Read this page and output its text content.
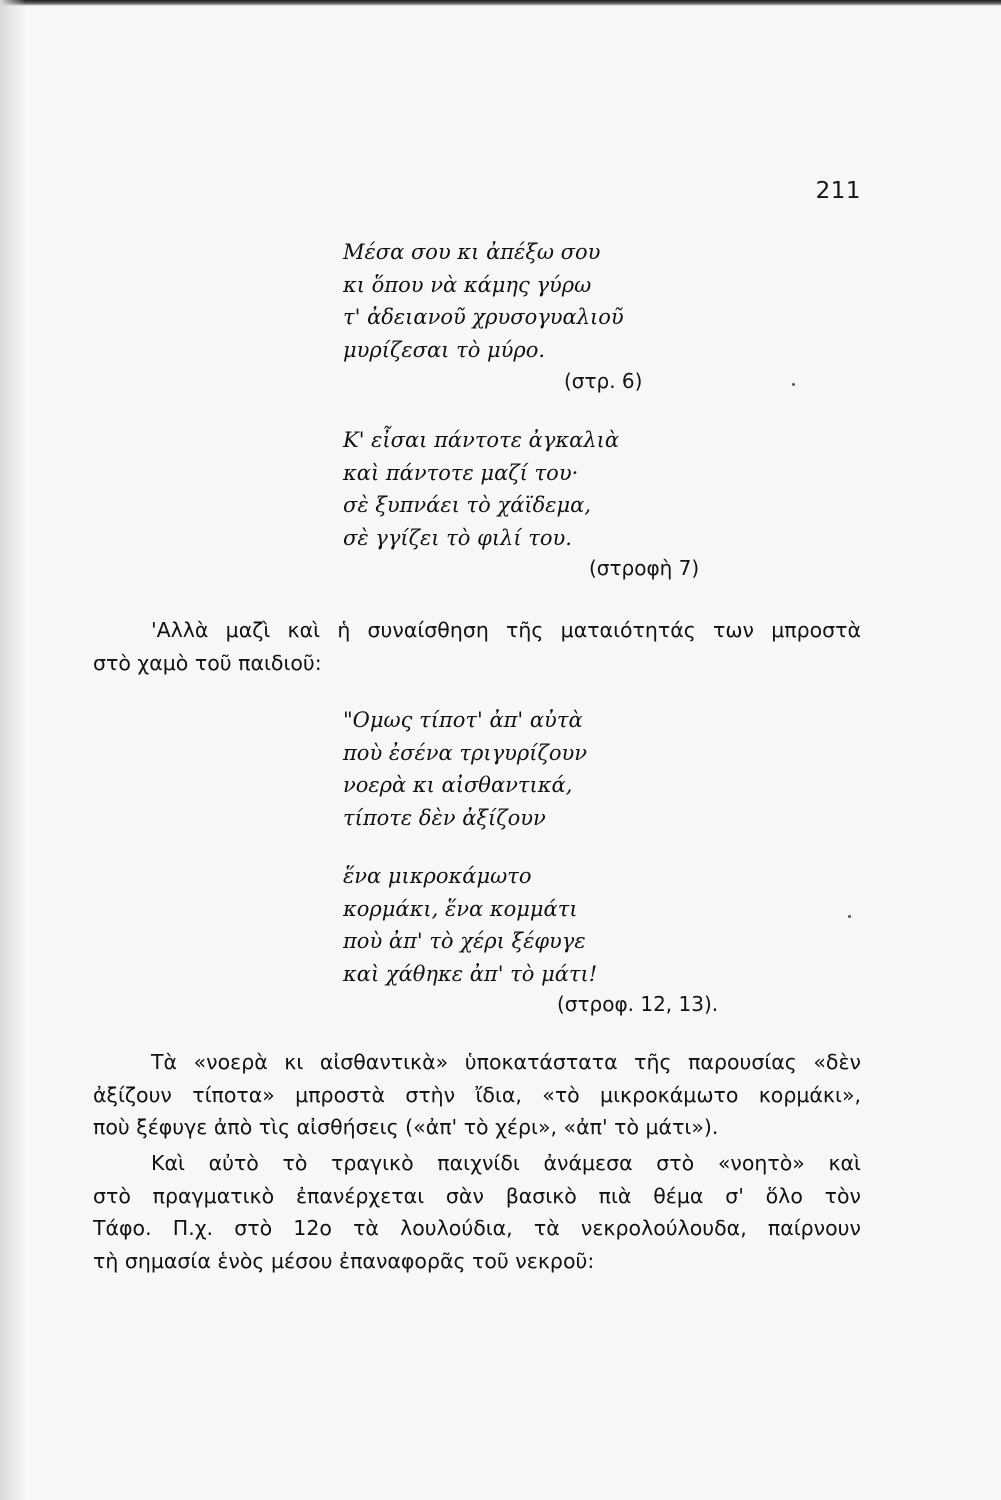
211
Μέσα σου κι ἀπέξω σου
κι ὅπου νὰ κάμης γύρω
τ' ἀδειανοῦ χρυσογυαλιοῦ
μυρίζεσαι τὸ μύρο.
(στρ. 6)
Κ' εἶσαι πάντοτε ἀγκαλιὰ
καὶ πάντοτε μαζί του·
σὲ ξυπνάει τὸ χάϊδεμα,
σὲ γγίζει τὸ φιλί του.
(στροφὴ 7)
'Αλλὰ μαζὶ καὶ ἡ συναίσθηση τῆς ματαιότητάς των μπροστὰ
στὸ χαμὸ τοῦ παιδιοῦ:
"Ομως τίποτ' ἀπ' αὐτὰ
ποὺ ἐσένα τριγυρίζουν
νοερὰ κι αἰσθαντικά,
τίποτε δὲν ἀξίζουν
ἕνα μικροκάμωτο
κορμάκι, ἕνα κομμάτι
ποὺ ἀπ' τὸ χέρι ξέφυγε
καὶ χάθηκε ἀπ' τὸ μάτι!
(στροφ. 12, 13).
Τὰ «νοερὰ κι αἰσθαντικὰ» ὑποκατάστατα τῆς παρουσίας «δὲν
ἀξίζουν τίποτα» μπροστὰ στὴν ἴδια, «τὸ μικροκάμωτο κορμάκι»,
ποὺ ξέφυγε ἀπὸ τὶς αἰσθήσεις («ἀπ' τὸ χέρι», «ἀπ' τὸ μάτι»).
Καὶ αὐτὸ τὸ τραγικὸ παιχνίδι ἀνάμεσα στὸ «νοητὸ» καὶ
στὸ πραγματικὸ ἐπανέρχεται σὰν βασικὸ πιὰ θέμα σ' ὅλο τὸν
Τάφο. Π.χ. στὸ 12ο τὰ λουλούδια, τὰ νεκρολούλουδα, παίρνουν
τὴ σημασία ἑνὸς μέσου ἐπαναφορᾶς τοῦ νεκροῦ:
